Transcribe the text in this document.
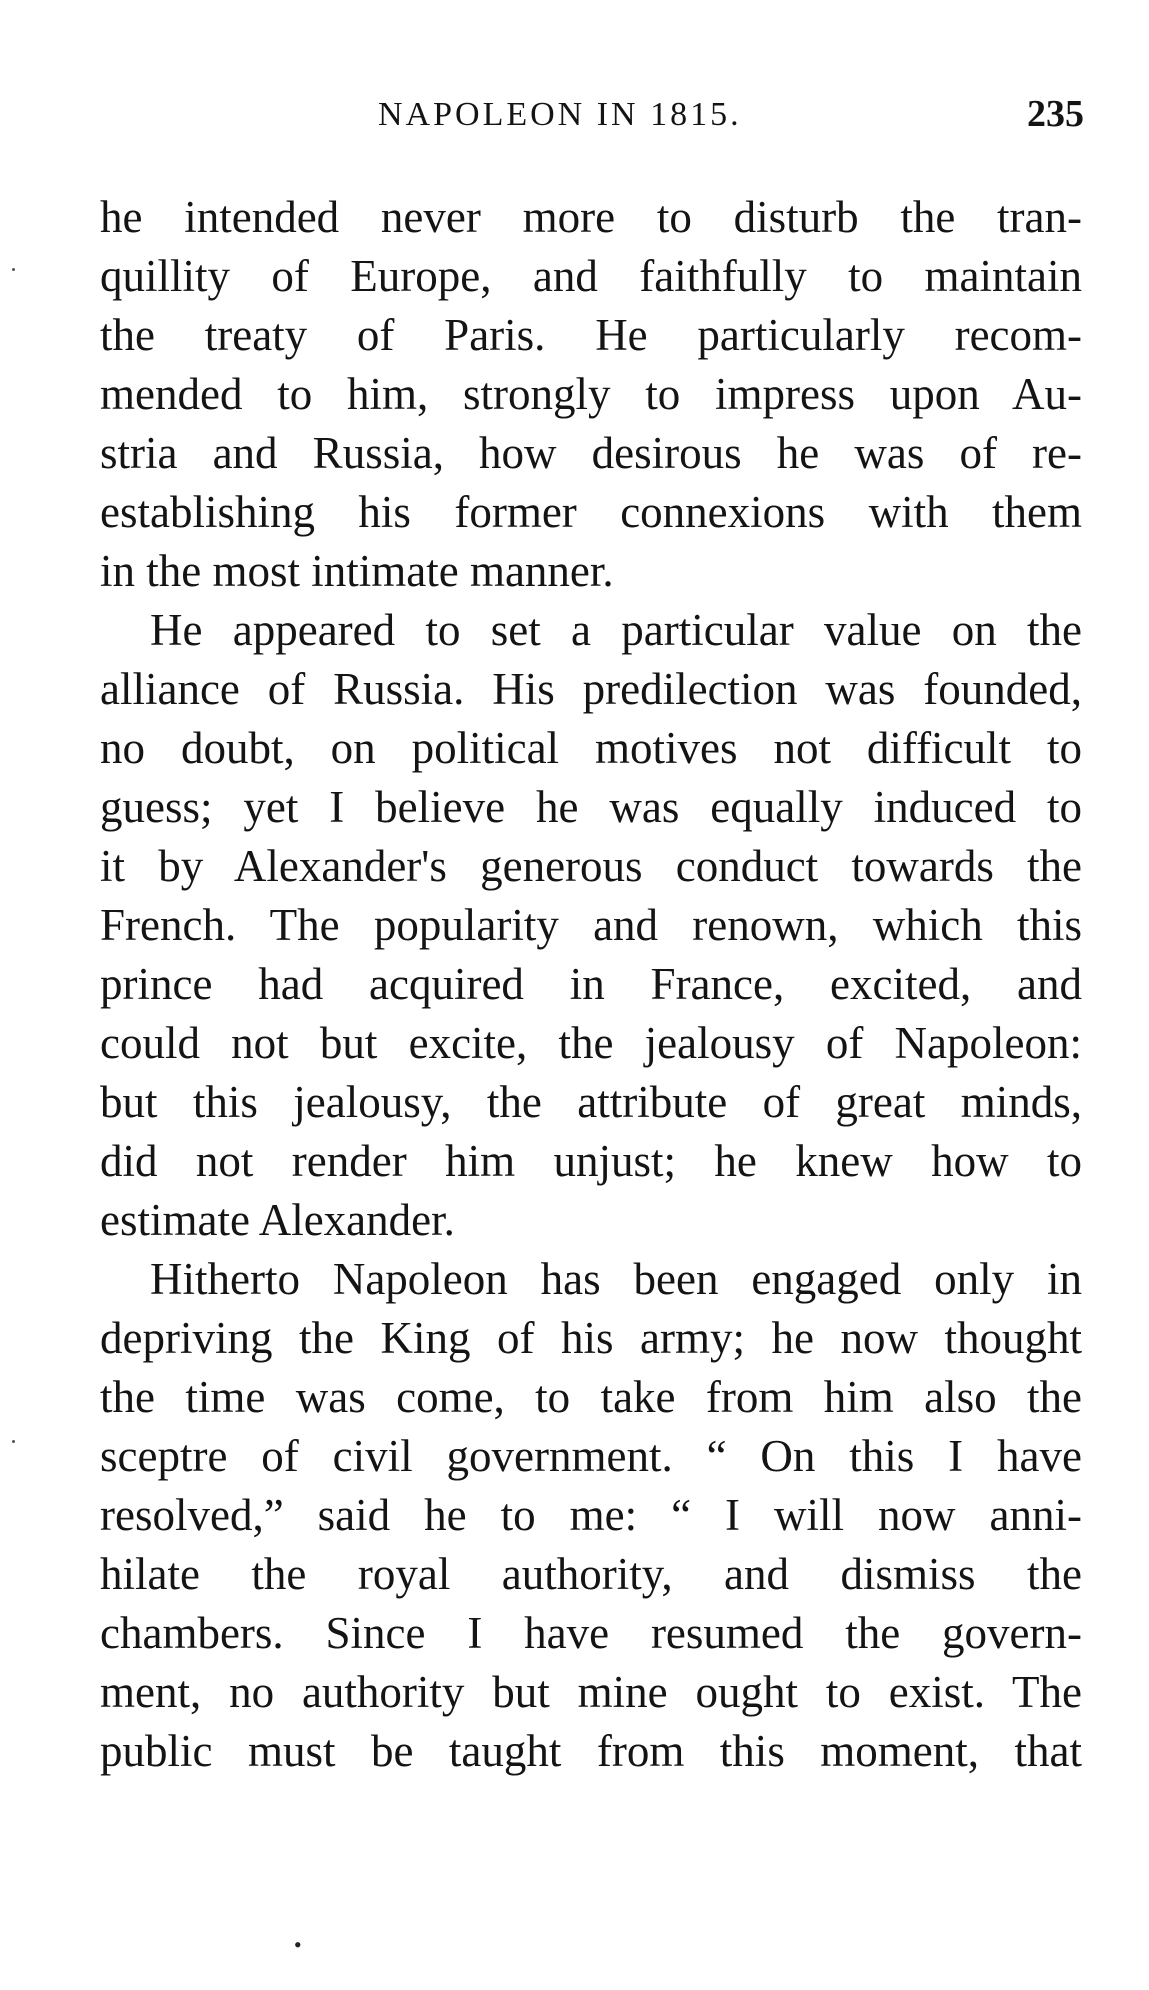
NAPOLEON IN 1815.	235
he intended never more to disturb the tran-
quillity of Europe, and faithfully to maintain
the treaty of Paris. He particularly recom-
mended to him, strongly to impress upon Au-
stria and Russia, how desirous he was of re-
establishing his former connexions with them
in the most intimate manner.
He appeared to set a particular value on the
alliance of Russia. His predilection was founded,
no doubt, on political motives not difficult to
guess; yet I believe he was equally induced to
it by Alexander's generous conduct towards the
French. The popularity and renown, which this
prince had acquired in France, excited, and
could not but excite, the jealousy of Napoleon:
but this jealousy, the attribute of great minds,
did not render him unjust; he knew how to
estimate Alexander.
Hitherto Napoleon has been engaged only in
depriving the King of his army; he now thought
the time was come, to take from him also the
sceptre of civil government. “ On this I have
resolved,” said he to me: “ I will now anni-
hilate the royal authority, and dismiss the
chambers. Since I have resumed the govern-
ment, no authority but mine ought to exist. The
public must be taught from this moment, that
•
